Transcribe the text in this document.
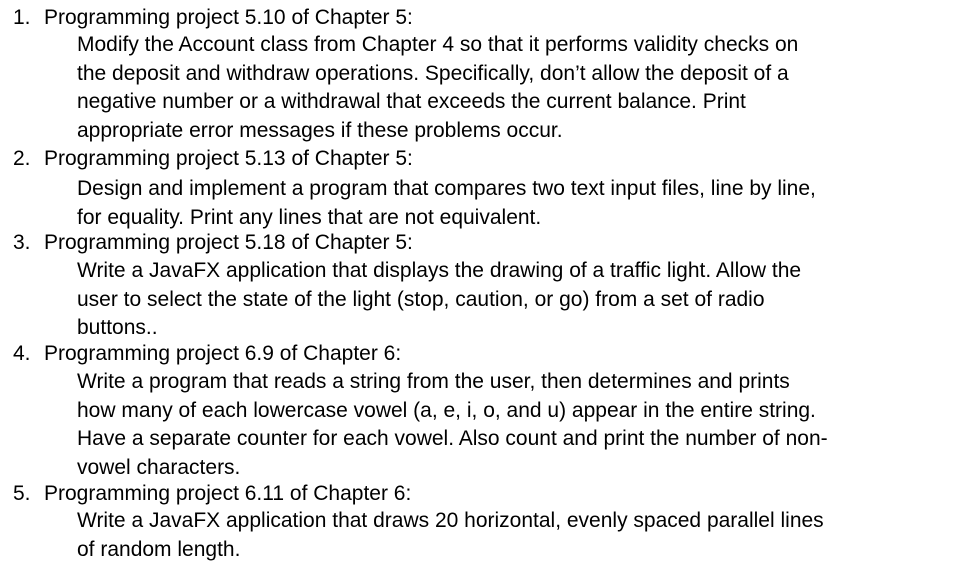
1. Programming project 5.10 of Chapter 5:
Modify the Account class from Chapter 4 so that it performs validity checks on
the deposit and withdraw operations. Specifically, don’t allow the deposit of a
negative number or a withdrawal that exceeds the current balance. Print
appropriate error messages if these problems occur.
2. Programming project 5.13 of Chapter 5:
Design and implement a program that compares two text input files, line by line,
for equality. Print any lines that are not equivalent.
3. Programming project 5.18 of Chapter 5:
Write a JavaFX application that displays the drawing of a traffic light. Allow the
user to select the state of the light (stop, caution, or go) from a set of radio
buttons..
4. Programming project 6.9 of Chapter 6:
Write a program that reads a string from the user, then determines and prints
how many of each lowercase vowel (a, e, i, o, and u) appear in the entire string.
Have a separate counter for each vowel. Also count and print the number of non-
vowel characters.
5. Programming project 6.11 of Chapter 6:
Write a JavaFX application that draws 20 horizontal, evenly spaced parallel lines
of random length.
